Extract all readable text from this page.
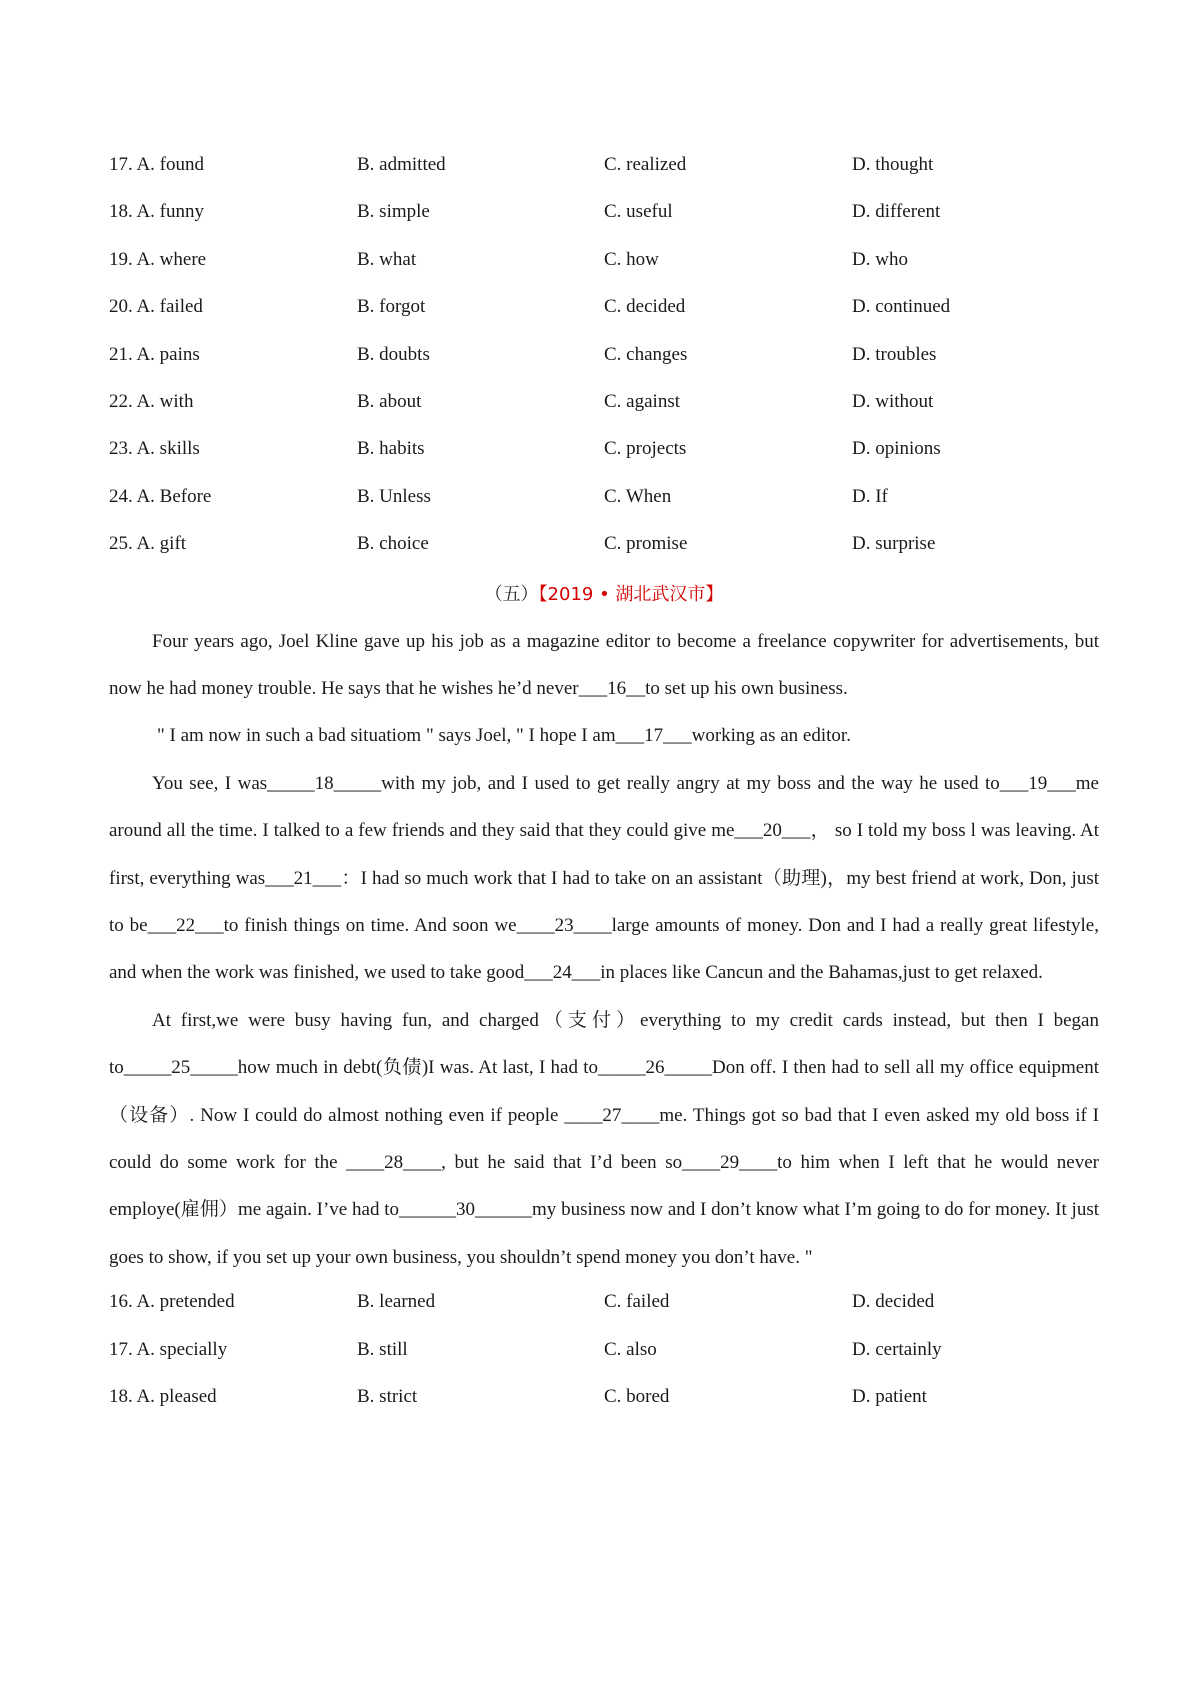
17. A. found	B. admitted	C. realized	D. thought
18. A. funny	B. simple	C. useful	D. different
19. A. where	B. what	C. how	D. who
20. A. failed	B. forgot	C. decided	D. continued
21. A. pains	B. doubts	C. changes	D. troubles
22. A. with	B. about	C. against	D. without
23. A. skills	B. habits	C. projects	D. opinions
24. A. Before	B. Unless	C. When	D. If
25. A. gift	B. choice	C. promise	D. surprise
（五）【2019 • 湖北武汉市】

Four years ago, Joel Kline gave up his job as a magazine editor to become a freelance copywriter for advertisements, but now he had money trouble. He says that he wishes he’d never___16__to set up his own business.

" I am now in such a bad situatiom " says Joel, " I hope I am___17___working as an editor.

You see, I was_____18_____with my job, and I used to get really angry at my boss and the way he used to___19___me around all the time. I talked to a few friends and they said that they could give me___20___， so I told my boss l was leaving. At first, everything was___21___：I had so much work that I had to take on an assistant（助理)，my best friend at work, Don, just to be___22___to finish things on time. And soon we____23____large amounts of money. Don and I had a really great lifestyle, and when the work was finished, we used to take good___24___in places like Cancun and the Bahamas,just to get relaxed.

At first,we were busy having fun, and charged（支付）everything to my credit cards instead, but then I began to_____25_____how much in debt(负债)I was. At last, I had to_____26_____Don off. I then had to sell all my office equipment（设备）. Now I could do almost nothing even if people ____27____me. Things got so bad that I even asked my old boss if I could do some work for the ____28____, but he said that I’d been so____29____to him when I left that he would never employe(雇佣）me again. I’ve had to______30______my business now and I don’t know what I’m going to do for money. It just goes to show, if you set up your own business, you shouldn’t spend money you don’t have. "

16. A. pretended	B. learned	C. failed	D. decided
17. A. specially	B. still	C. also	D. certainly
18. A. pleased	B. strict	C. bored	D. patient
